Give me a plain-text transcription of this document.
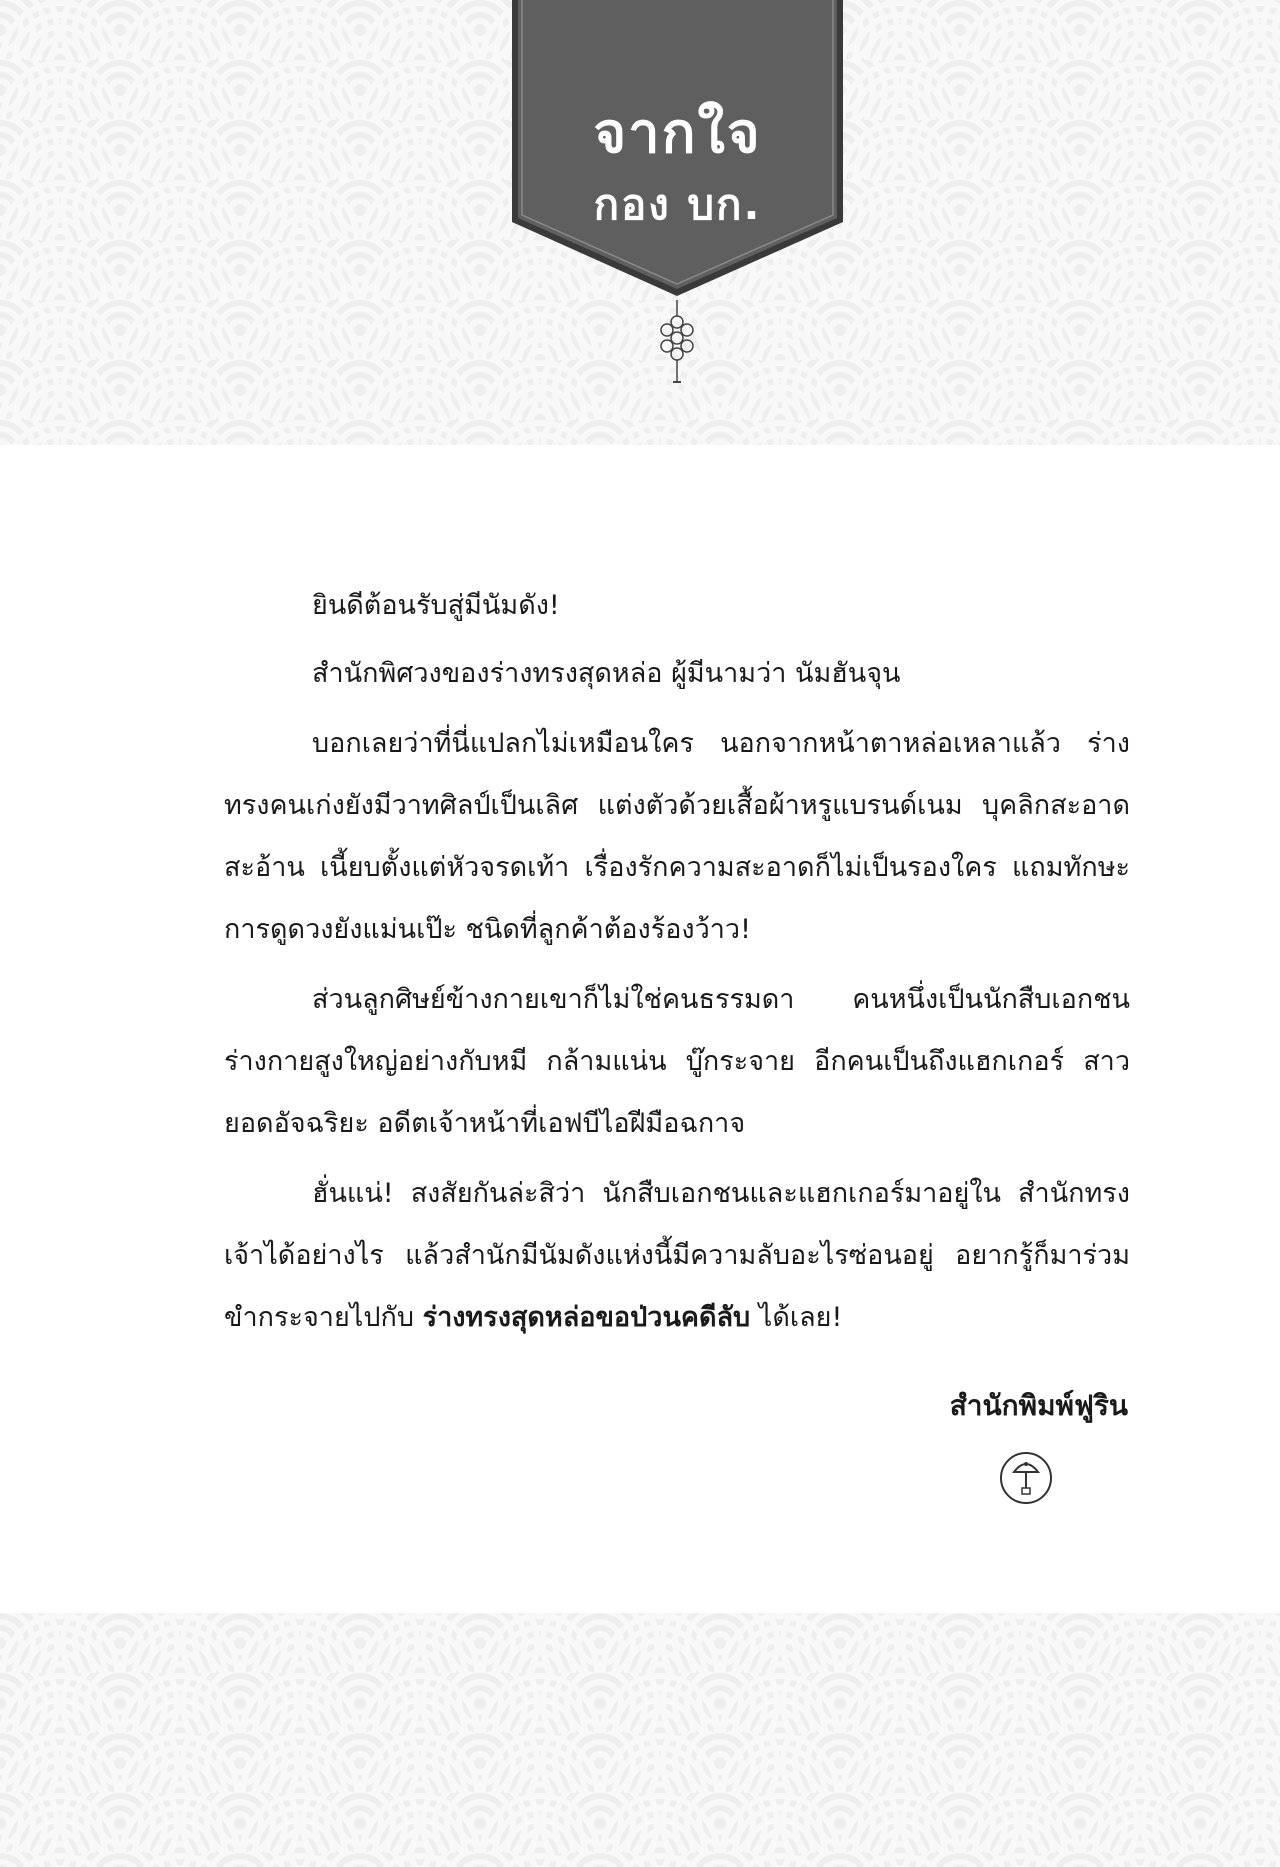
จากใจ
กอง บก.

ยินดีต้อนรับสู่มีนัมดัง!

สำนักพิศวงของร่างทรงสุดหล่อ ผู้มีนามว่า นัมฮันจุน

บอกเลยว่าที่นี่แปลกไม่เหมือนใคร นอกจากหน้าตาหล่อเหลาแล้ว ร่างทรงคนเก่งยังมีวาทศิลป์เป็นเลิศ แต่งตัวด้วยเสื้อผ้าหรูแบรนด์เนม บุคลิกสะอาดสะอ้าน เนี้ยบตั้งแต่หัวจรดเท้า เรื่องรักความสะอาดก็ไม่เป็นรองใคร แถมทักษะการดูดวงยังแม่นเป๊ะ ชนิดที่ลูกค้าต้องร้องว้าว!

ส่วนลูกศิษย์ข้างกายเขาก็ไม่ใช่คนธรรมดา คนหนึ่งเป็นนักสืบเอกชน ร่างกายสูงใหญ่อย่างกับหมี กล้ามแน่น บู๊กระจาย อีกคนเป็นถึงแฮกเกอร์ สาวยอดอัจฉริยะ อดีตเจ้าหน้าที่เอฟบีไอฝีมือฉกาจ

ฮั่นแน่! สงสัยกันล่ะสิว่า นักสืบเอกชนและแฮกเกอร์มาอยู่ใน สำนักทรงเจ้าได้อย่างไร แล้วสำนักมีนัมดังแห่งนี้มีความลับอะไรซ่อนอยู่ อยากรู้ก็มาร่วมขำกระจายไปกับ ร่างทรงสุดหล่อขอป่วนคดีลับ ได้เลย!

สำนักพิมพ์ฟูริน
